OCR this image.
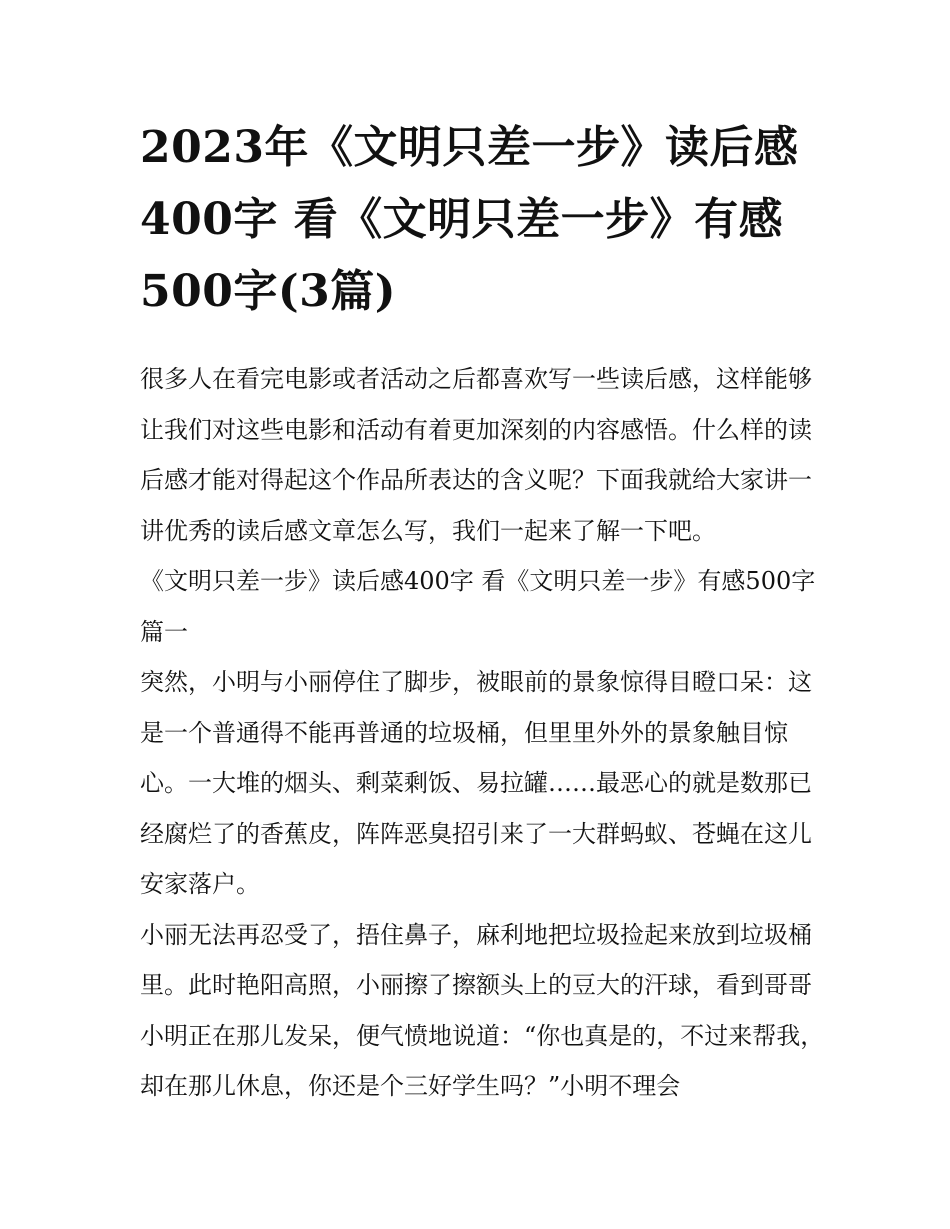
2023年《文明只差一步》读后感400字 看《文明只差一步》有感500字(3篇)

很多人在看完电影或者活动之后都喜欢写一些读后感，这样能够让我们对这些电影和活动有着更加深刻的内容感悟。什么样的读后感才能对得起这个作品所表达的含义呢？下面我就给大家讲一讲优秀的读后感文章怎么写，我们一起来了解一下吧。

《文明只差一步》读后感400字 看《文明只差一步》有感500字篇一

突然，小明与小丽停住了脚步，被眼前的景象惊得目瞪口呆：这是一个普通得不能再普通的垃圾桶，但里里外外的景象触目惊心。一大堆的烟头、剩菜剩饭、易拉罐……最恶心的就是数那已经腐烂了的香蕉皮，阵阵恶臭招引来了一大群蚂蚁、苍蝇在这儿安家落户。

小丽无法再忍受了，捂住鼻子，麻利地把垃圾捡起来放到垃圾桶里。此时艳阳高照，小丽擦了擦额头上的豆大的汗球，看到哥哥小明正在那儿发呆，便气愤地说道：“你也真是的，不过来帮我，却在那儿休息，你还是个三好学生吗？”小明不理会
